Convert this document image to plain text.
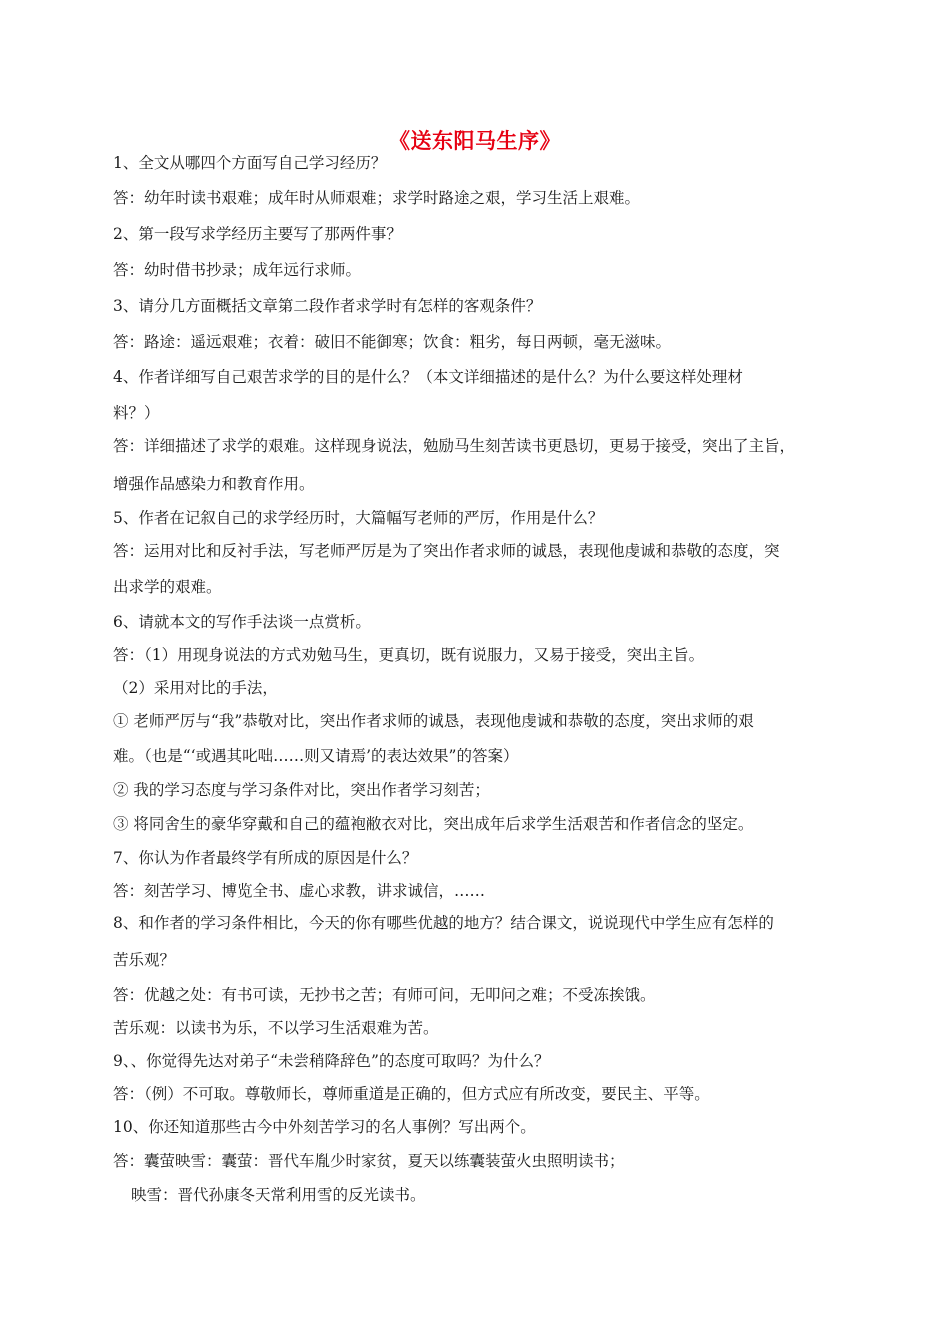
《送东阳马生序》
1、全文从哪四个方面写自己学习经历？
答：幼年时读书艰难；成年时从师艰难；求学时路途之艰，学习生活上艰难。
2、第一段写求学经历主要写了那两件事？
答：幼时借书抄录；成年远行求师。
3、请分几方面概括文章第二段作者求学时有怎样的客观条件？
答：路途：遥远艰难；衣着：破旧不能御寒；饮食：粗劣，每日两顿，毫无滋味。
4、作者详细写自己艰苦求学的目的是什么？（本文详细描述的是什么？为什么要这样处理材
料？）
答：详细描述了求学的艰难。这样现身说法，勉励马生刻苦读书更恳切，更易于接受，突出了主旨，
增强作品感染力和教育作用。
5、作者在记叙自己的求学经历时，大篇幅写老师的严厉，作用是什么？
答：运用对比和反衬手法，写老师严厉是为了突出作者求师的诚恳，表现他虔诚和恭敬的态度，突
出求学的艰难。
6、请就本文的写作手法谈一点赏析。
答：（1）用现身说法的方式劝勉马生，更真切，既有说服力，又易于接受，突出主旨。
（2）采用对比的手法，
① 老师严厉与“我”恭敬对比，突出作者求师的诚恳，表现他虔诚和恭敬的态度，突出求师的艰
难。（也是“‘或遇其叱咄……则又请焉’的表达效果”的答案）
② 我的学习态度与学习条件对比，突出作者学习刻苦；
③ 将同舍生的豪华穿戴和自己的蕴袍敝衣对比，突出成年后求学生活艰苦和作者信念的坚定。
7、你认为作者最终学有所成的原因是什么？
答：刻苦学习、博览全书、虚心求教，讲求诚信，……
8、和作者的学习条件相比，今天的你有哪些优越的地方？结合课文，说说现代中学生应有怎样的
苦乐观？
答：优越之处：有书可读，无抄书之苦；有师可问，无叩问之难；不受冻挨饿。
苦乐观：以读书为乐，不以学习生活艰难为苦。
9、、你觉得先达对弟子“未尝稍降辞色”的态度可取吗？为什么？
答：（例）不可取。尊敬师长，尊师重道是正确的，但方式应有所改变，要民主、平等。
10、你还知道那些古今中外刻苦学习的名人事例？写出两个。
答：囊萤映雪：囊萤：晋代车胤少时家贫，夏天以练囊装萤火虫照明读书；
映雪：晋代孙康冬天常利用雪的反光读书。
